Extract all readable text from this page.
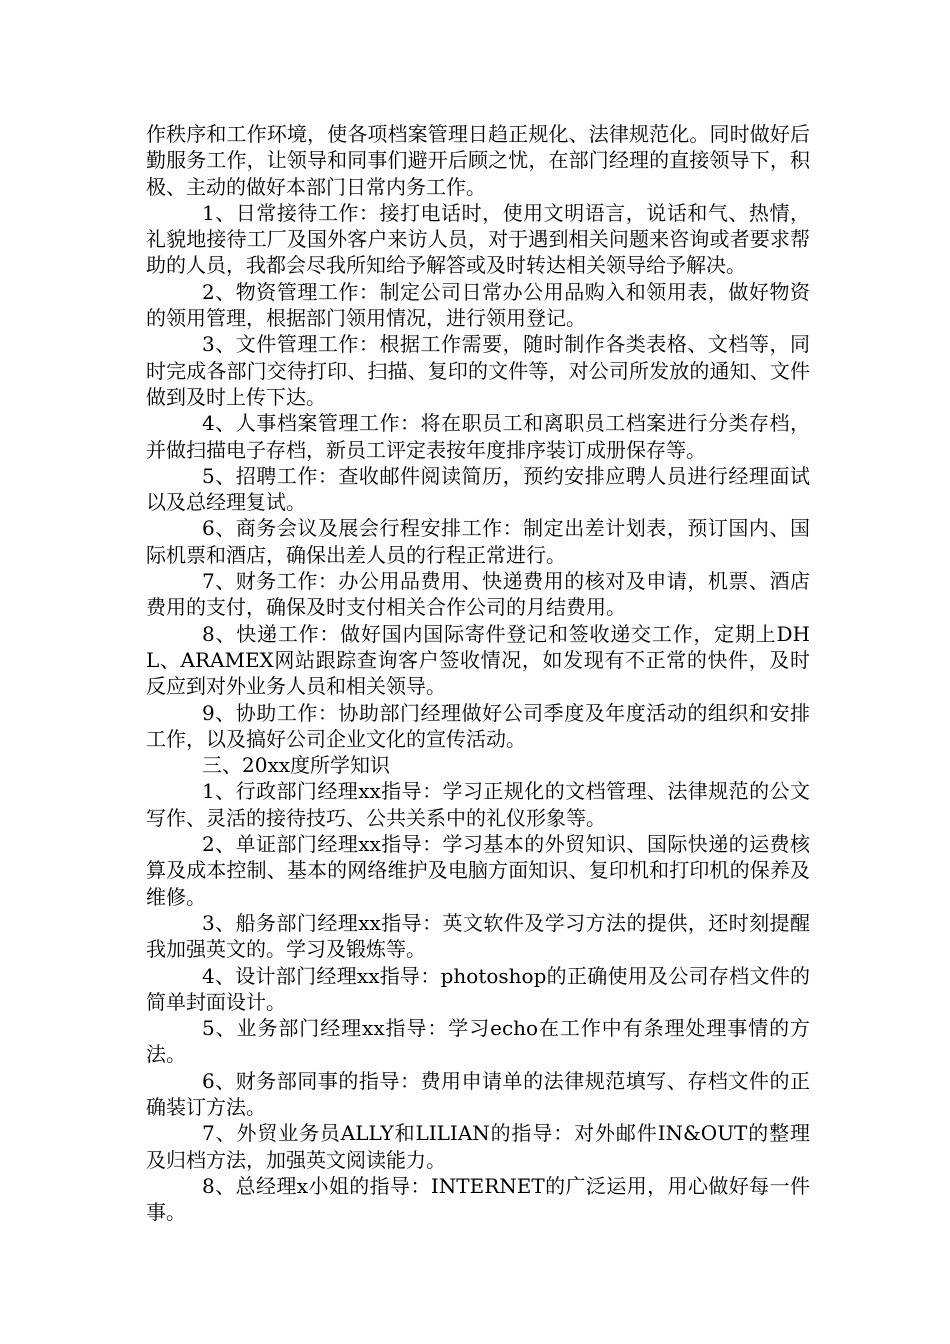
作秩序和工作环境，使各项档案管理日趋正规化、法律规范化。同时做好后勤服务工作，让领导和同事们避开后顾之忧，在部门经理的直接领导下，积极、主动的做好本部门日常内务工作。

1、日常接待工作：接打电话时，使用文明语言，说话和气、热情，礼貌地接待工厂及国外客户来访人员，对于遇到相关问题来咨询或者要求帮助的人员，我都会尽我所知给予解答或及时转达相关领导给予解决。

2、物资管理工作：制定公司日常办公用品购入和领用表，做好物资的领用管理，根据部门领用情况，进行领用登记。

3、文件管理工作：根据工作需要，随时制作各类表格、文档等，同时完成各部门交待打印、扫描、复印的文件等，对公司所发放的通知、文件做到及时上传下达。

4、人事档案管理工作：将在职员工和离职员工档案进行分类存档，并做扫描电子存档，新员工评定表按年度排序装订成册保存等。

5、招聘工作：查收邮件阅读简历，预约安排应聘人员进行经理面试以及总经理复试。

6、商务会议及展会行程安排工作：制定出差计划表，预订国内、国际机票和酒店，确保出差人员的行程正常进行。

7、财务工作：办公用品费用、快递费用的核对及申请，机票、酒店费用的支付，确保及时支付相关合作公司的月结费用。

8、快递工作：做好国内国际寄件登记和签收递交工作，定期上DHL、ARAMEX网站跟踪查询客户签收情况，如发现有不正常的快件，及时反应到对外业务人员和相关领导。

9、协助工作：协助部门经理做好公司季度及年度活动的组织和安排工作，以及搞好公司企业文化的宣传活动。

三、20xx度所学知识

1、行政部门经理xx指导：学习正规化的文档管理、法律规范的公文写作、灵活的接待技巧、公共关系中的礼仪形象等。

2、单证部门经理xx指导：学习基本的外贸知识、国际快递的运费核算及成本控制、基本的网络维护及电脑方面知识、复印机和打印机的保养及维修。

3、船务部门经理xx指导：英文软件及学习方法的提供，还时刻提醒我加强英文的。学习及锻炼等。

4、设计部门经理xx指导：photoshop的正确使用及公司存档文件的简单封面设计。

5、业务部门经理xx指导：学习echo在工作中有条理处理事情的方法。

6、财务部同事的指导：费用申请单的法律规范填写、存档文件的正确装订方法。

7、外贸业务员ALLY和LILIAN的指导：对外邮件IN&OUT的整理及归档方法，加强英文阅读能力。

8、总经理x小姐的指导：INTERNET的广泛运用，用心做好每一件事。
